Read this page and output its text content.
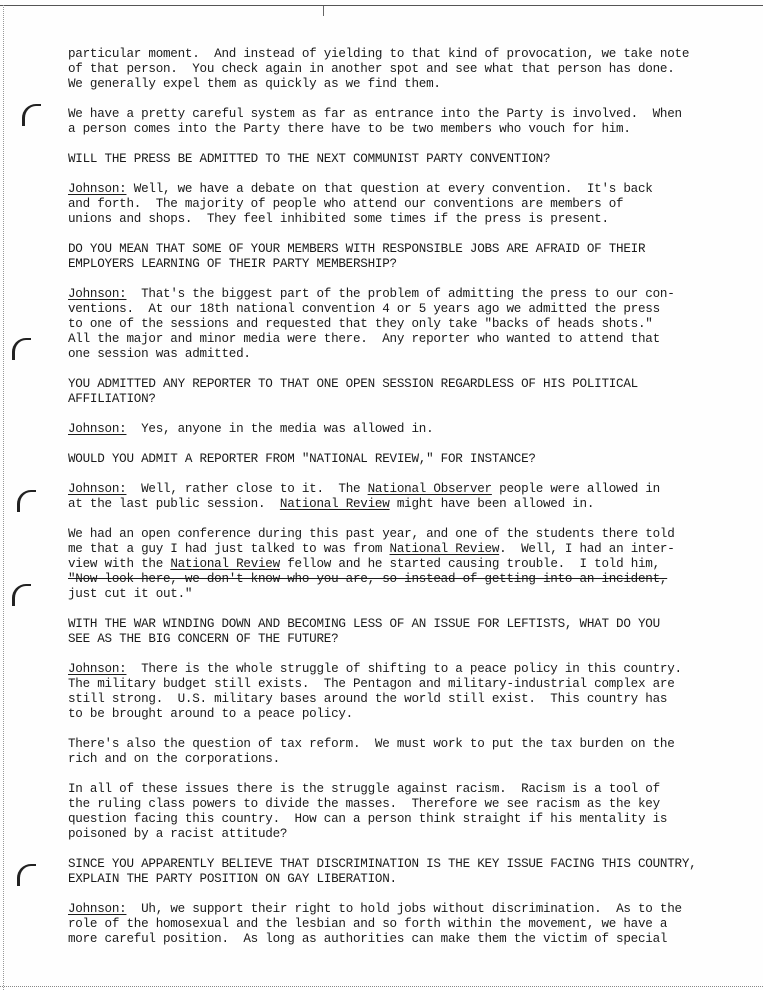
particular moment.  And instead of yielding to that kind of provocation, we take note
of that person.  You check again in another spot and see what that person has done.
We generally expel them as quickly as we find them.
We have a pretty careful system as far as entrance into the Party is involved.  When
a person comes into the Party there have to be two members who vouch for him.
WILL THE PRESS BE ADMITTED TO THE NEXT COMMUNIST PARTY CONVENTION?
Johnson: Well, we have a debate on that question at every convention.  It's back
and forth.  The majority of people who attend our conventions are members of
unions and shops.  They feel inhibited some times if the press is present.
DO YOU MEAN THAT SOME OF YOUR MEMBERS WITH RESPONSIBLE JOBS ARE AFRAID OF THEIR
EMPLOYERS LEARNING OF THEIR PARTY MEMBERSHIP?
Johnson:  That's the biggest part of the problem of admitting the press to our con-
ventions.  At our 18th national convention 4 or 5 years ago we admitted the press
to one of the sessions and requested that they only take "backs of heads shots."
All the major and minor media were there.  Any reporter who wanted to attend that
one session was admitted.
YOU ADMITTED ANY REPORTER TO THAT ONE OPEN SESSION REGARDLESS OF HIS POLITICAL
AFFILIATION?
Johnson:  Yes, anyone in the media was allowed in.
WOULD YOU ADMIT A REPORTER FROM "NATIONAL REVIEW," FOR INSTANCE?
Johnson:  Well, rather close to it.  The National Observer people were allowed in
at the last public session.  National Review might have been allowed in.
We had an open conference during this past year, and one of the students there told
me that a guy I had just talked to was from National Review.  Well, I had an inter-
view with the National Review fellow and he started causing trouble.  I told him,
"Now look here, we don't know who you are, so instead of getting into an incident,
just cut it out."
WITH THE WAR WINDING DOWN AND BECOMING LESS OF AN ISSUE FOR LEFTISTS, WHAT DO YOU
SEE AS THE BIG CONCERN OF THE FUTURE?
Johnson:  There is the whole struggle of shifting to a peace policy in this country.
The military budget still exists.  The Pentagon and military-industrial complex are
still strong.  U.S. military bases around the world still exist.  This country has
to be brought around to a peace policy.
There's also the question of tax reform.  We must work to put the tax burden on the
rich and on the corporations.
In all of these issues there is the struggle against racism.  Racism is a tool of
the ruling class powers to divide the masses.  Therefore we see racism as the key
question facing this country.  How can a person think straight if his mentality is
poisoned by a racist attitude?
SINCE YOU APPARENTLY BELIEVE THAT DISCRIMINATION IS THE KEY ISSUE FACING THIS COUNTRY,
EXPLAIN THE PARTY POSITION ON GAY LIBERATION.
Johnson:  Uh, we support their right to hold jobs without discrimination.  As to the
role of the homosexual and the lesbian and so forth within the movement, we have a
more careful position.  As long as authorities can make them the victim of special
